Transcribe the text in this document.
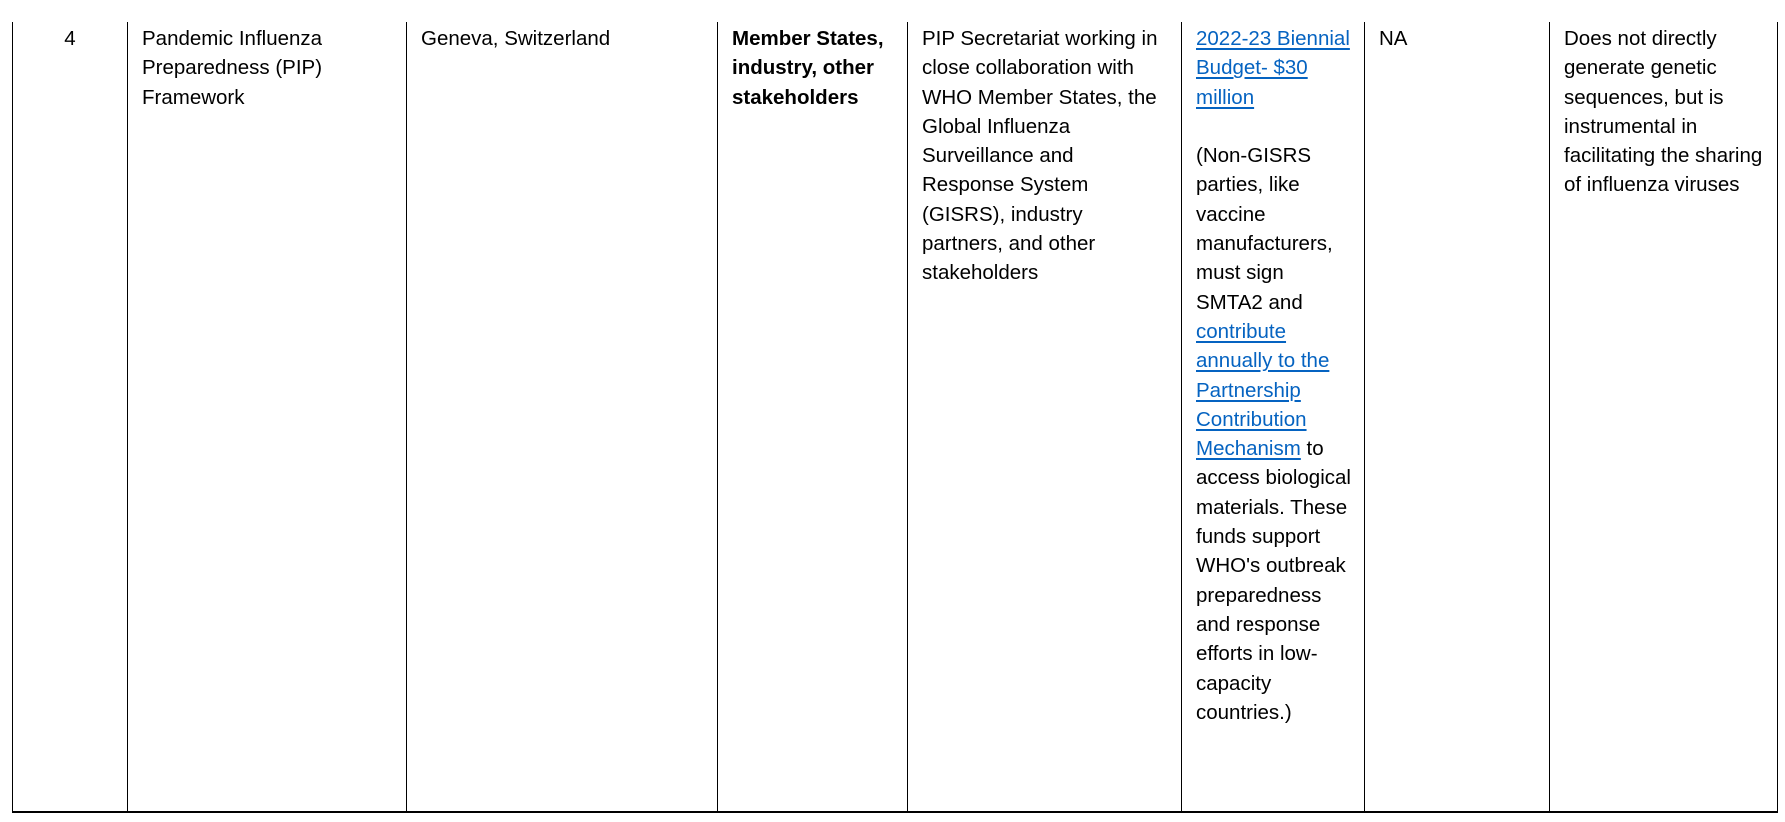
4	Pandemic Influenza Preparedness (PIP) Framework	Geneva, Switzerland	Member States, industry, other stakeholders	PIP Secretariat working in close collaboration with WHO Member States, the Global Influenza Surveillance and Response System (GISRS), industry partners, and other stakeholders	2022-23 Biennial Budget- $30 million
(Non-GISRS parties, like vaccine manufacturers, must sign SMTA2 and contribute annually to the Partnership Contribution Mechanism to access biological materials. These funds support WHO's outbreak preparedness and response efforts in low-capacity countries.)	NA	Does not directly generate genetic sequences, but is instrumental in facilitating the sharing of influenza viruses
